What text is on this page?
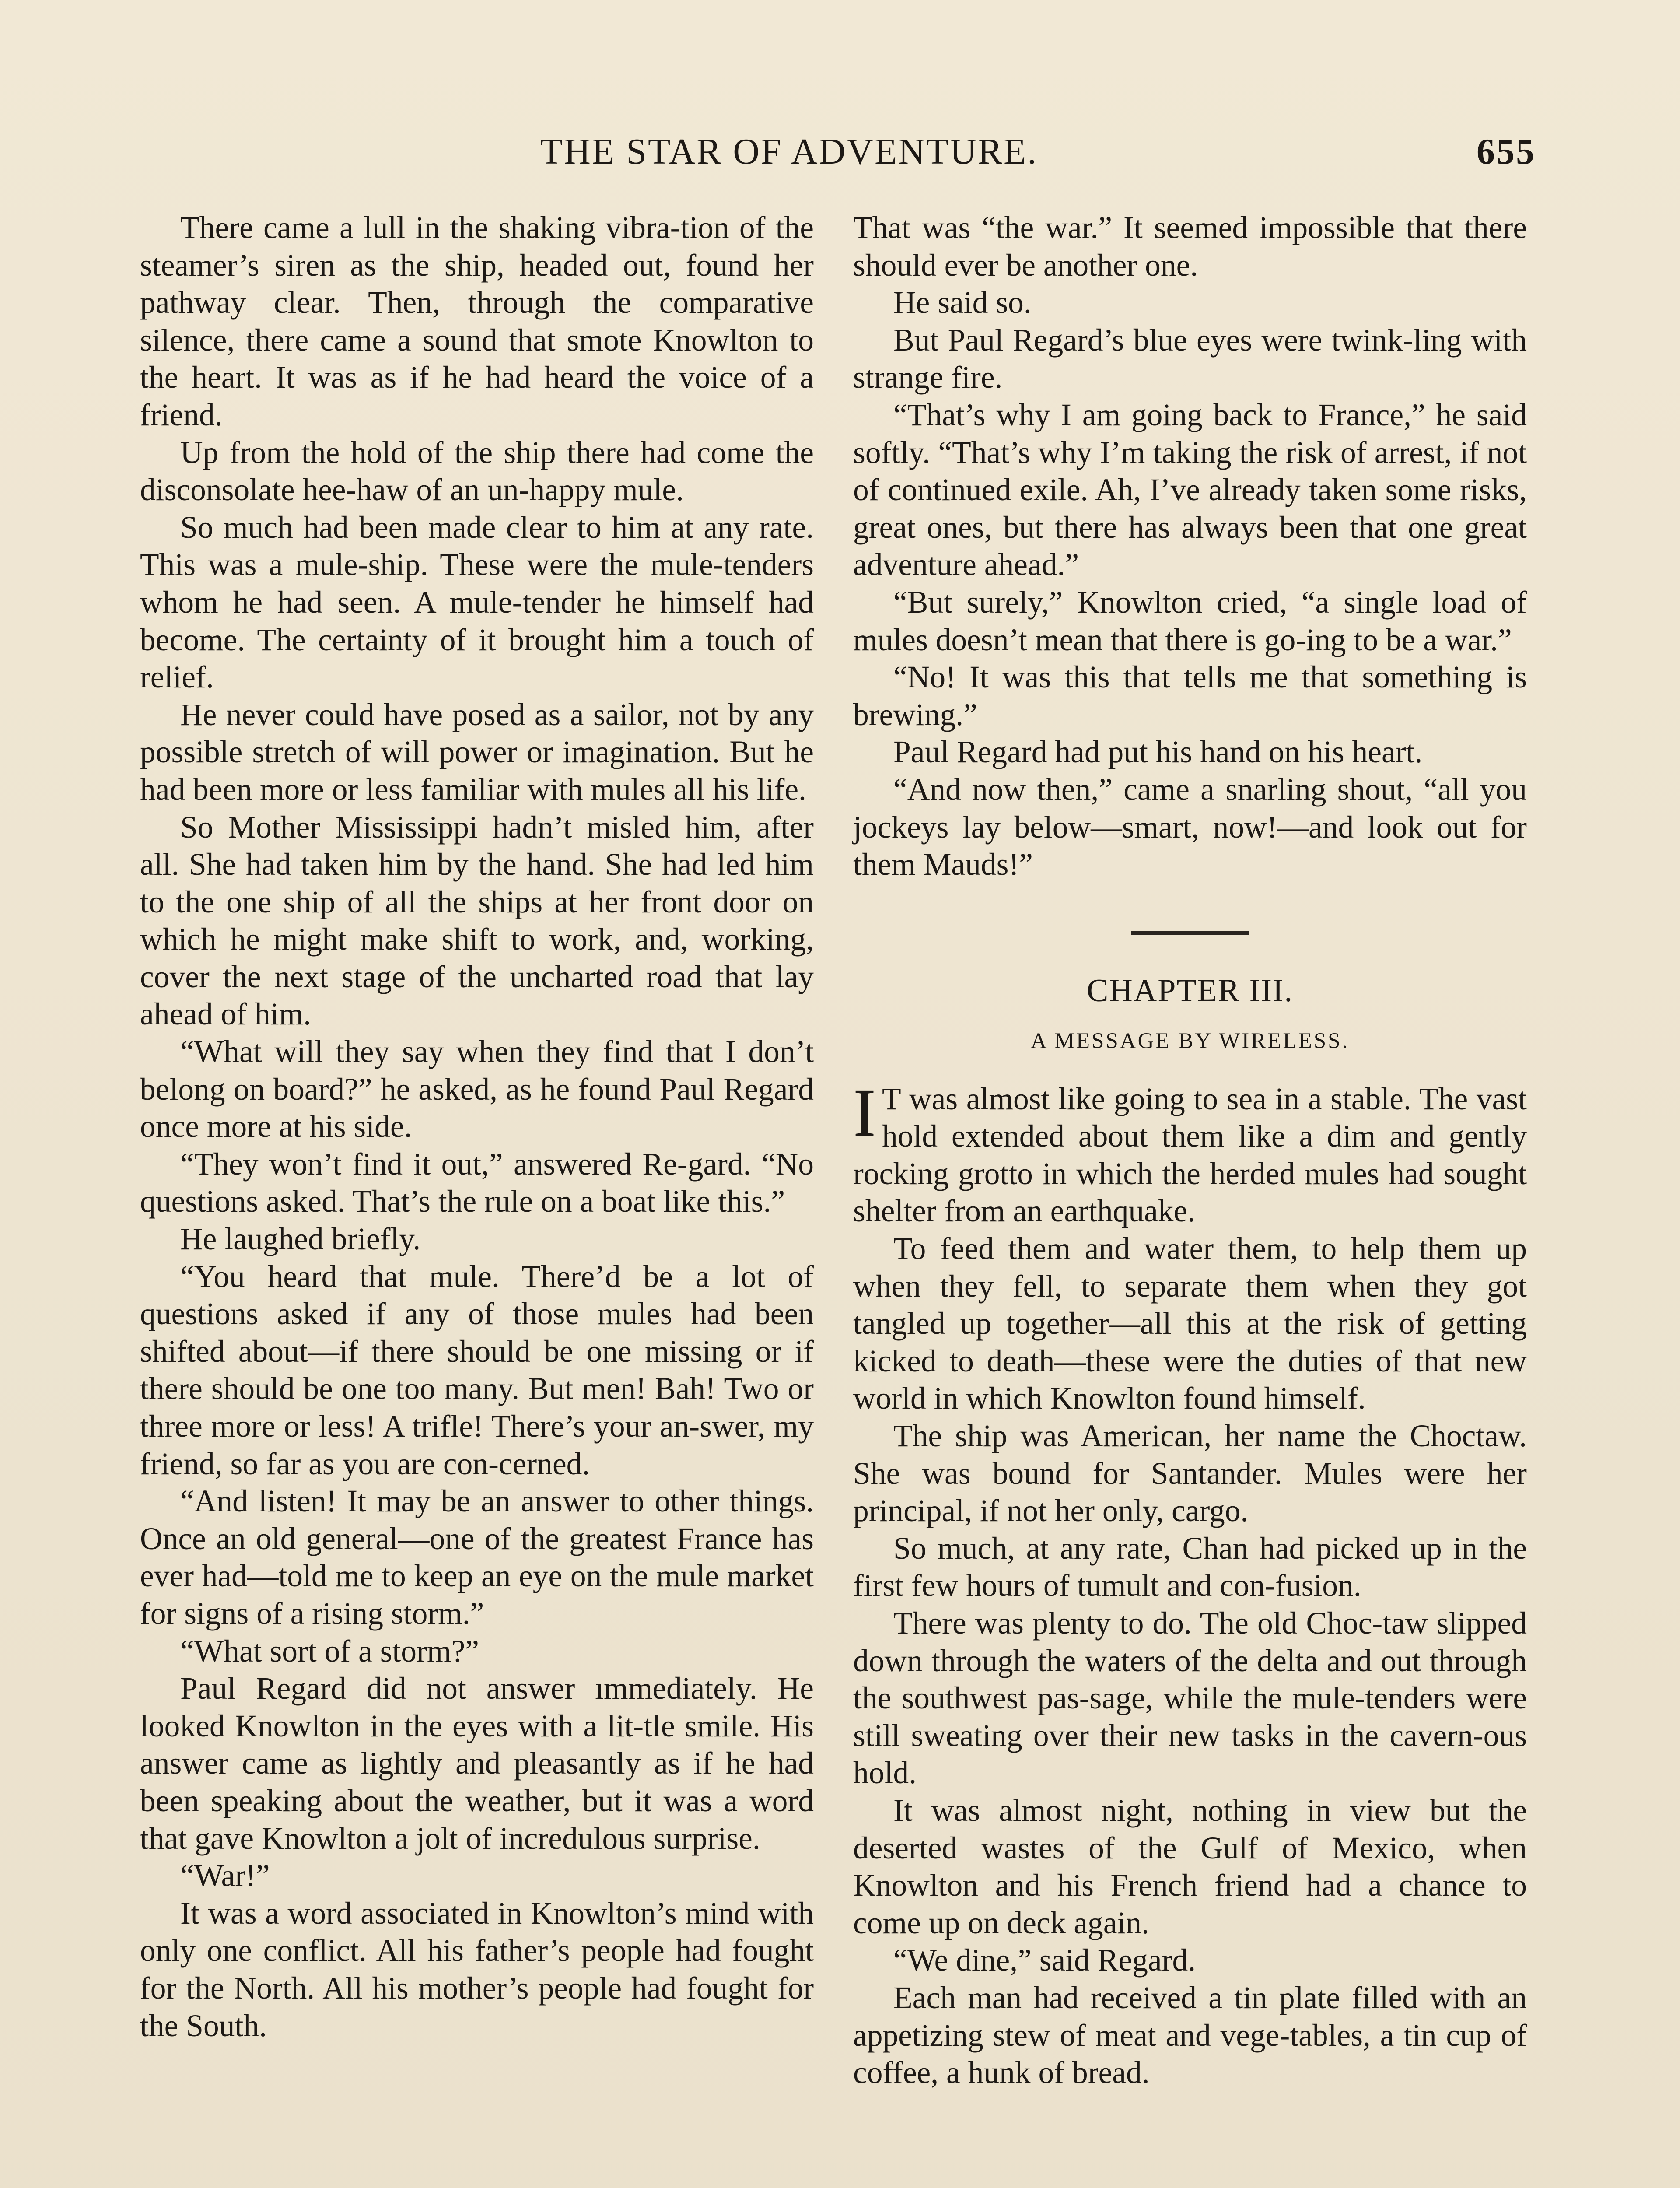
THE STAR OF ADVENTURE.	655

There came a lull in the shaking vibra-tion of the steamer’s siren as the ship, headed out, found her pathway clear. Then, through the comparative silence, there came a sound that smote Knowlton to the heart. It was as if he had heard the voice of a friend.

Up from the hold of the ship there had come the disconsolate hee-haw of an un-happy mule.

So much had been made clear to him at any rate. This was a mule-ship. These were the mule-tenders whom he had seen. A mule-tender he himself had become. The certainty of it brought him a touch of relief.

He never could have posed as a sailor, not by any possible stretch of will power or imagination. But he had been more or less familiar with mules all his life.

So Mother Mississippi hadn’t misled him, after all. She had taken him by the hand. She had led him to the one ship of all the ships at her front door on which he might make shift to work, and, working, cover the next stage of the uncharted road that lay ahead of him.

“What will they say when they find that I don’t belong on board?” he asked, as he found Paul Regard once more at his side.

“They won’t find it out,” answered Re-gard. “No questions asked. That’s the rule on a boat like this.”

He laughed briefly.

“You heard that mule. There’d be a lot of questions asked if any of those mules had been shifted about—if there should be one missing or if there should be one too many. But men! Bah! Two or three more or less! A trifle! There’s your an-swer, my friend, so far as you are con-cerned.

“And listen! It may be an answer to other things. Once an old general—one of the greatest France has ever had—told me to keep an eye on the mule market for signs of a rising storm.”

“What sort of a storm?”

Paul Regard did not answer ımmediately. He looked Knowlton in the eyes with a lit-tle smile. His answer came as lightly and pleasantly as if he had been speaking about the weather, but it was a word that gave Knowlton a jolt of incredulous surprise.

“War!”

It was a word associated in Knowlton’s mind with only one conflict. All his father’s people had fought for the North. All his mother’s people had fought for the South.

That was “the war.” It seemed impossible that there should ever be another one.

He said so.

But Paul Regard’s blue eyes were twink-ling with strange fire.

“That’s why I am going back to France,” he said softly. “That’s why I’m taking the risk of arrest, if not of continued exile. Ah, I’ve already taken some risks, great ones, but there has always been that one great adventure ahead.”

“But surely,” Knowlton cried, “a single load of mules doesn’t mean that there is go-ing to be a war.”

“No! It was this that tells me that something is brewing.”

Paul Regard had put his hand on his heart.

“And now then,” came a snarling shout, “all you jockeys lay below—smart, now!—and look out for them Mauds!”

CHAPTER III.
A MESSAGE BY WIRELESS.

I T was almost like going to sea in a stable. The vast hold extended about them like a dim and gently rocking grotto in which the herded mules had sought shelter from an earthquake.

To feed them and water them, to help them up when they fell, to separate them when they got tangled up together—all this at the risk of getting kicked to death—these were the duties of that new world in which Knowlton found himself.

The ship was American, her name the Choctaw. She was bound for Santander. Mules were her principal, if not her only, cargo.

So much, at any rate, Chan had picked up in the first few hours of tumult and con-fusion.

There was plenty to do. The old Choc-taw slipped down through the waters of the delta and out through the southwest pas-sage, while the mule-tenders were still sweating over their new tasks in the cavern-ous hold.

It was almost night, nothing in view but the deserted wastes of the Gulf of Mexico, when Knowlton and his French friend had a chance to come up on deck again.

“We dine,” said Regard.

Each man had received a tin plate filled with an appetizing stew of meat and vege-tables, a tin cup of coffee, a hunk of bread.
